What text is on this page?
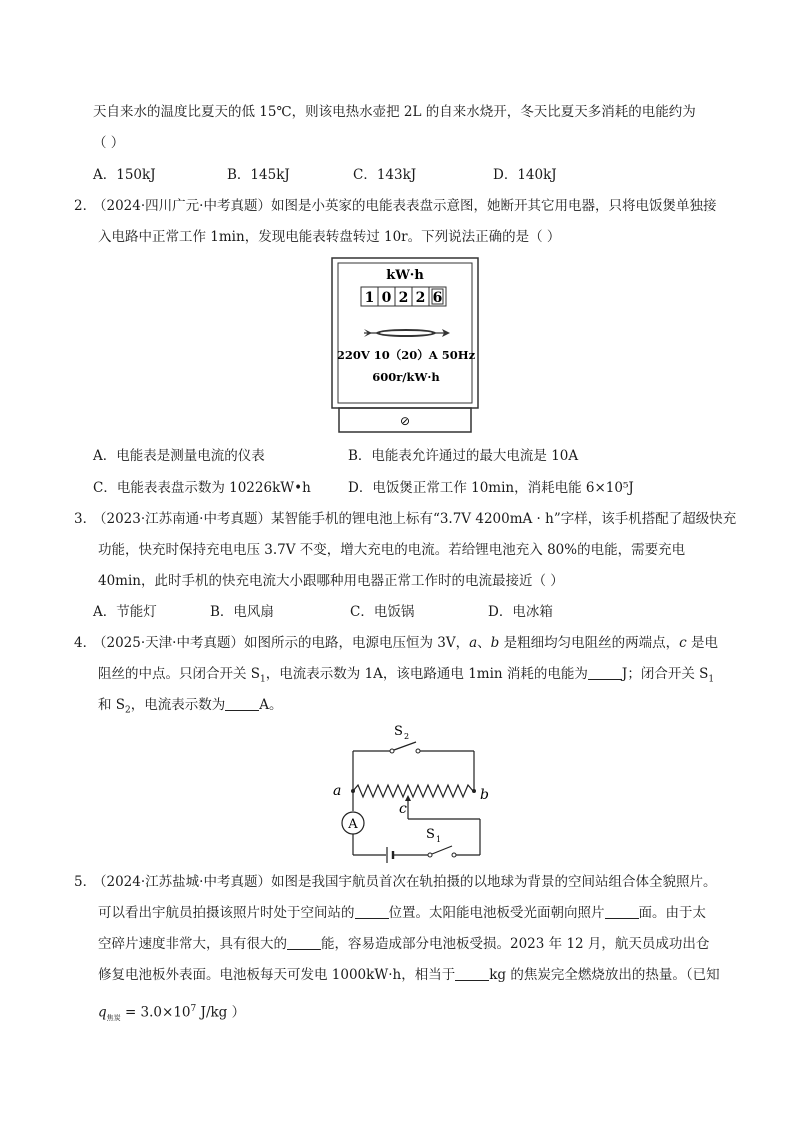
天自来水的温度比夏天的低 15℃，则该电热水壶把 2L 的自来水烧开，冬天比夏天多消耗的电能约为
（ ）
A．150kJ	B．145kJ	C．143kJ	D．140kJ
2．
（2024·四川广元·中考真题）如图是小英家的电能表表盘示意图，她断开其它用电器，只将电饭煲单独接
入电路中正常工作 1min，发现电能表转盘转过 10r。下列说法正确的是（ ）
kW·h
1 0 2 2 6
220V 10（20）A 50Hz
600r/kW·h
⊘
A．电能表是测量电流的仪表	B．电能表允许通过的最大电流是 10A
C．电能表表盘示数为 10226kW•h	D．电饭煲正常工作 10min，消耗电能 6×10⁵J
3．
（2023·江苏南通·中考真题）某智能手机的锂电池上标有“3.7V 4200mA · h”字样，该手机搭配了超级快充
功能，快充时保持充电电压 3.7V 不变，增大充电的电流。若给锂电池充入 80%的电能，需要充电
40min，此时手机的快充电流大小跟哪种用电器正常工作时的电流最接近（ ）
A．节能灯	B．电风扇	C．电饭锅	D．电冰箱
4．
（2025·天津·中考真题）如图所示的电路，电源电压恒为 3V，a、b 是粗细均匀电阻丝的两端点，c 是电
阻丝的中点。只闭合开关 $S_1$，电流表示数为 1A，该电路通电 1min 消耗的电能为	J；闭合开关 $S_1$
和 $S_2$，电流表示数为	A。
S 2
a	b
c
A
S 1
5．
（2024·江苏盐城·中考真题）如图是我国宇航员首次在轨拍摄的以地球为背景的空间站组合体全貌照片。
可以看出宇航员拍摄该照片时处于空间站的	位置。太阳能电池板受光面朝向照片	面。由于太
空碎片速度非常大，具有很大的	能，容易造成部分电池板受损。2023 年 12 月，航天员成功出仓
修复电池板外表面。电池板每天可发电 1000kW·h，相当于	kg 的焦炭完全燃烧放出的热量。（已知
$q_{焦炭} = 3.0\times 10^7$ J/kg ）
